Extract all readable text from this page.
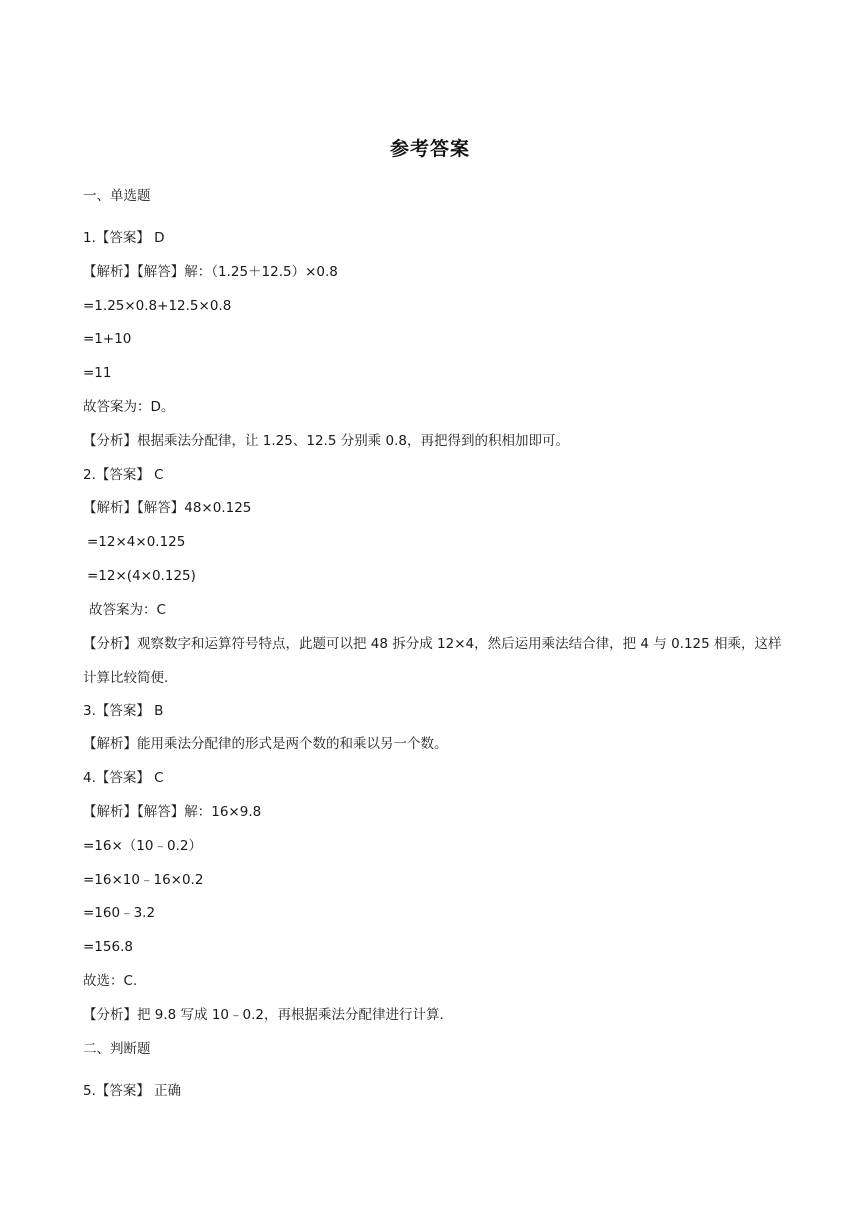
参考答案
一、单选题
1.【答案】 D
【解析】【解答】解：（1.25＋12.5）×0.8
=1.25×0.8+12.5×0.8
=1+10
=11
故答案为：D。
【分析】根据乘法分配律，让 1.25、12.5 分别乘 0.8，再把得到的积相加即可。
2.【答案】 C
【解析】【解答】48×0.125
=12×4×0.125
=12×(4×0.125)
故答案为：C
【分析】观察数字和运算符号特点，此题可以把 48 拆分成 12×4，然后运用乘法结合律，把 4 与 0.125 相乘，这样计算比较简便.
3.【答案】 B
【解析】能用乘法分配律的形式是两个数的和乘以另一个数。
4.【答案】 C
【解析】【解答】解：16×9.8
=16×（10﹣0.2）
=16×10﹣16×0.2
=160﹣3.2
=156.8
故选：C.
【分析】把 9.8 写成 10﹣0.2，再根据乘法分配律进行计算.
二、判断题
5.【答案】 正确
